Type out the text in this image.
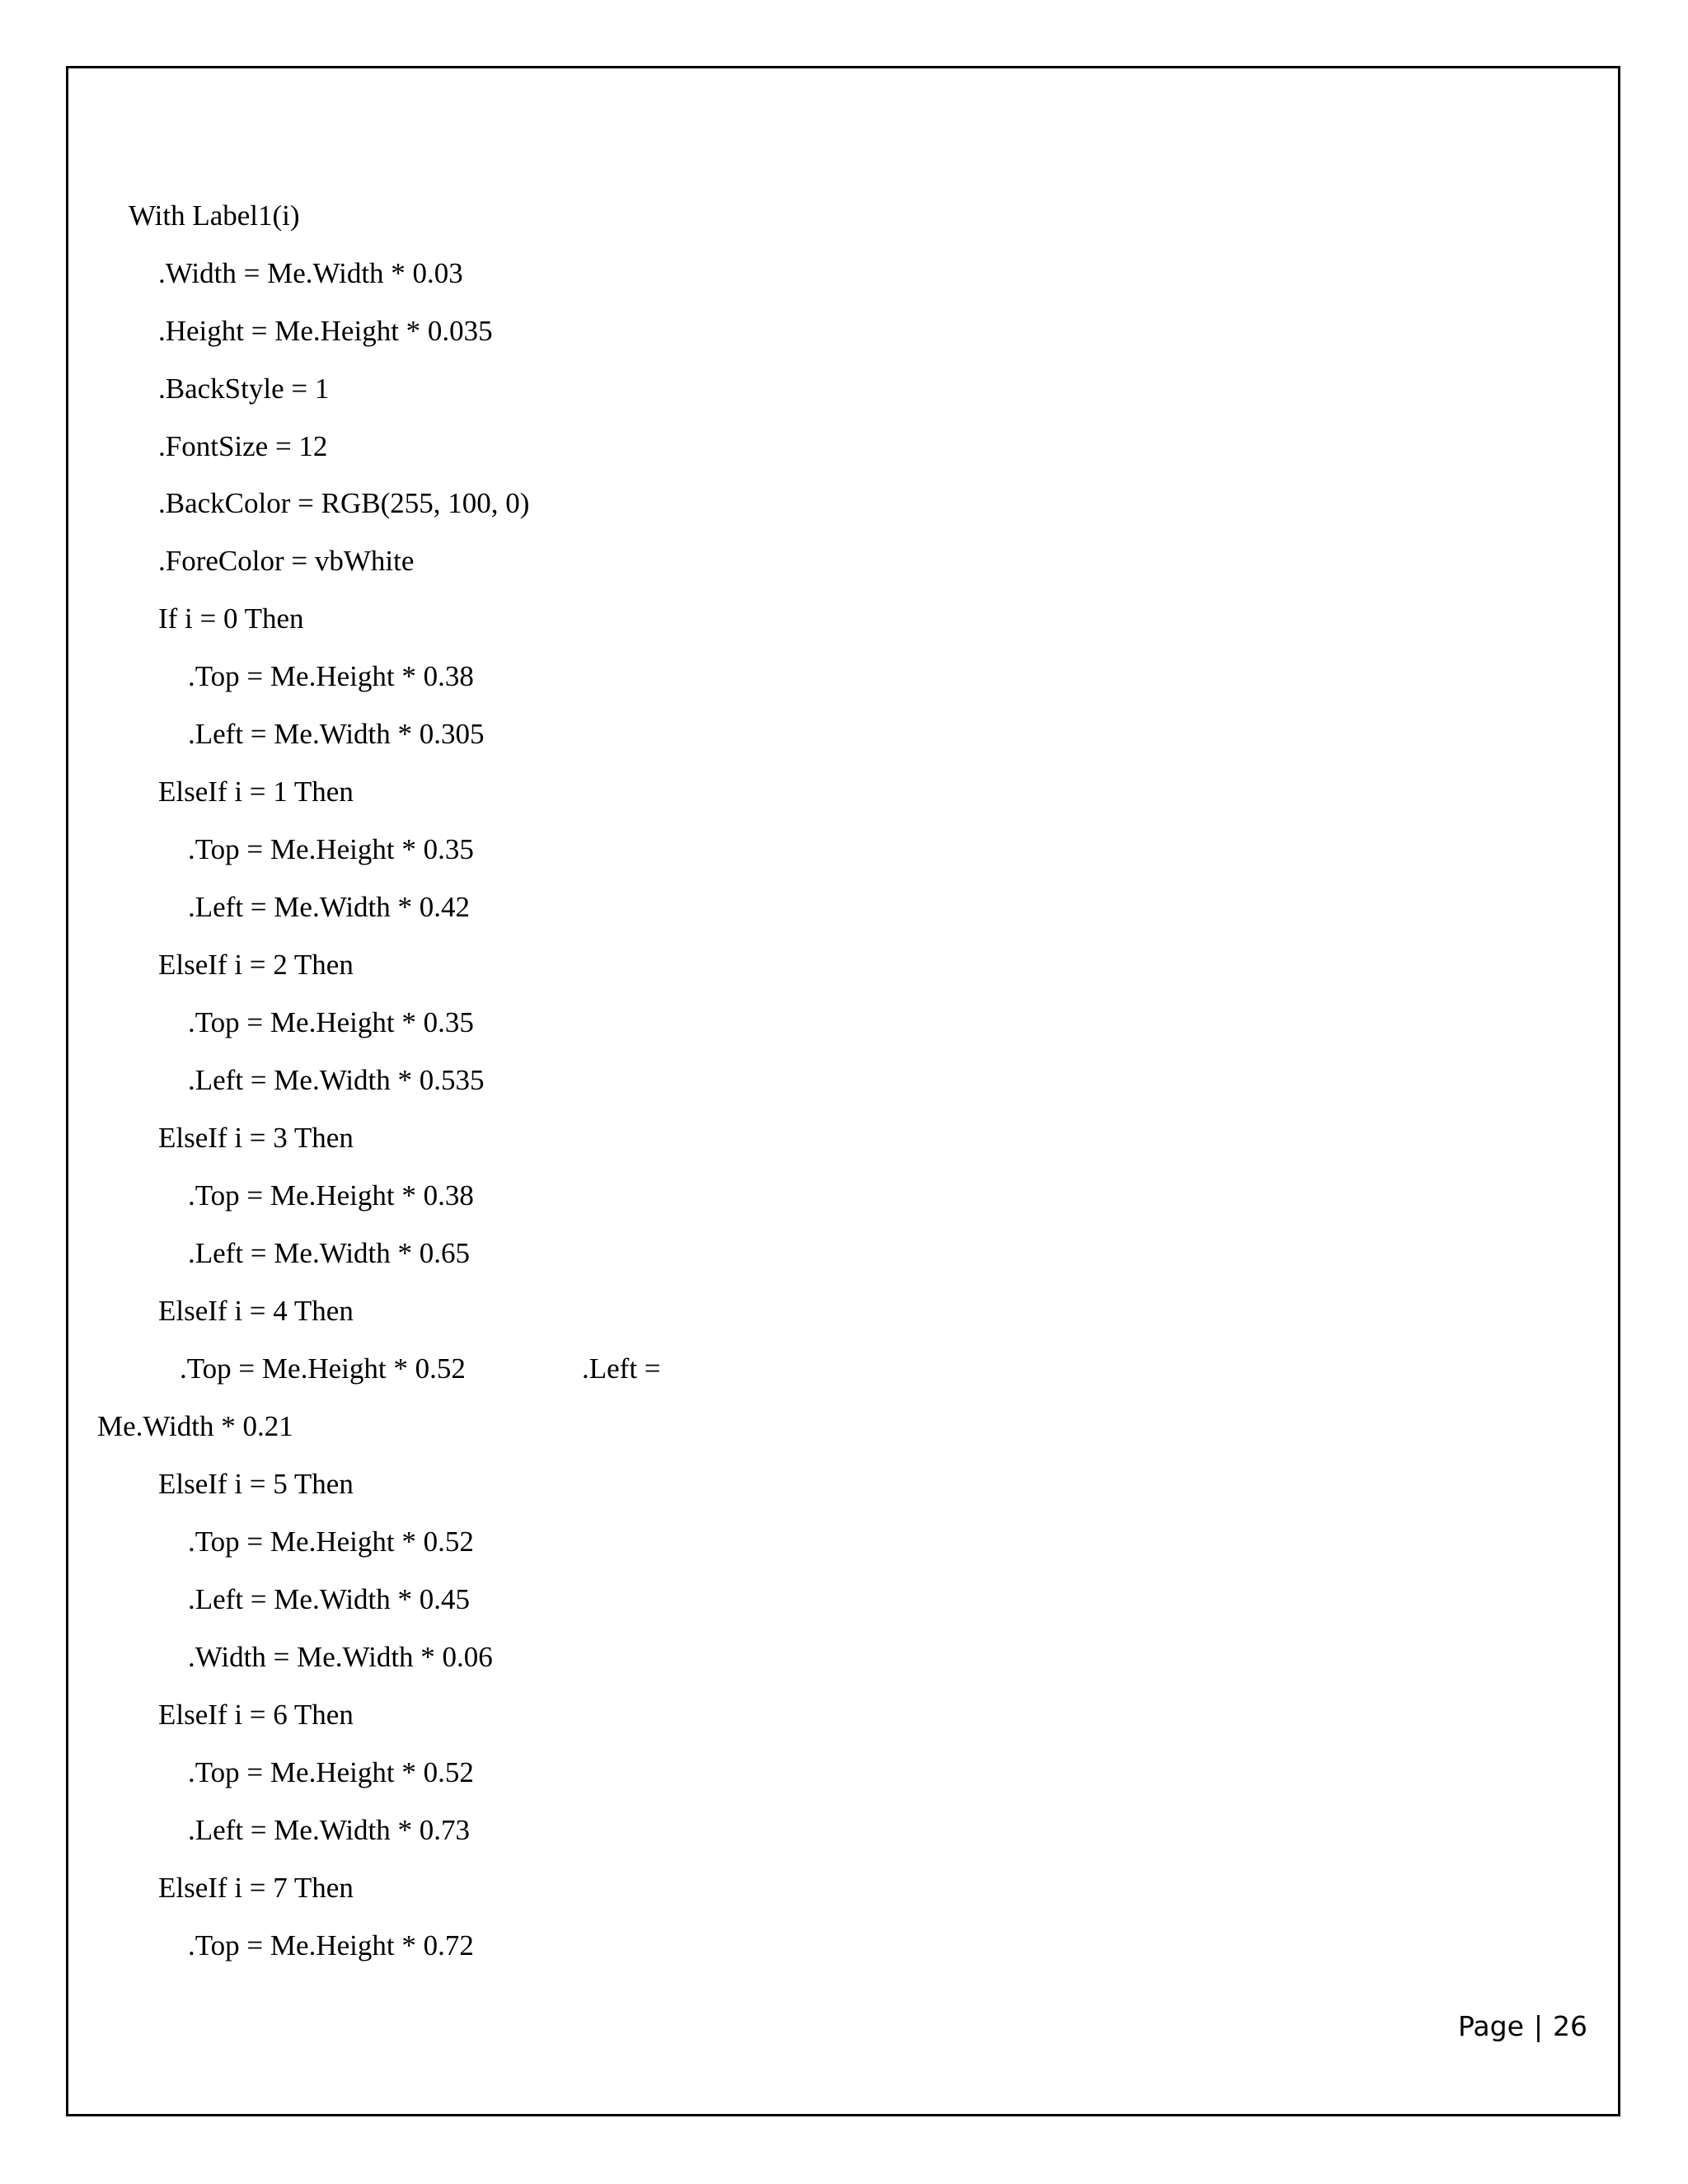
With Label1(i)
.Width = Me.Width * 0.03
.Height = Me.Height * 0.035
.BackStyle = 1
.FontSize = 12
.BackColor = RGB(255, 100, 0)
.ForeColor = vbWhite
If i = 0 Then
.Top = Me.Height * 0.38
.Left = Me.Width * 0.305
ElseIf i = 1 Then
.Top = Me.Height * 0.35
.Left = Me.Width * 0.42
ElseIf i = 2 Then
.Top = Me.Height * 0.35
.Left = Me.Width * 0.535
ElseIf i = 3 Then
.Top = Me.Height * 0.38
.Left = Me.Width * 0.65
ElseIf i = 4 Then
.Top = Me.Height * 0.52	.Left =
Me.Width * 0.21
ElseIf i = 5 Then
.Top = Me.Height * 0.52
.Left = Me.Width * 0.45
.Width = Me.Width * 0.06
ElseIf i = 6 Then
.Top = Me.Height * 0.52
.Left = Me.Width * 0.73
ElseIf i = 7 Then
.Top = Me.Height * 0.72
Page | 26
